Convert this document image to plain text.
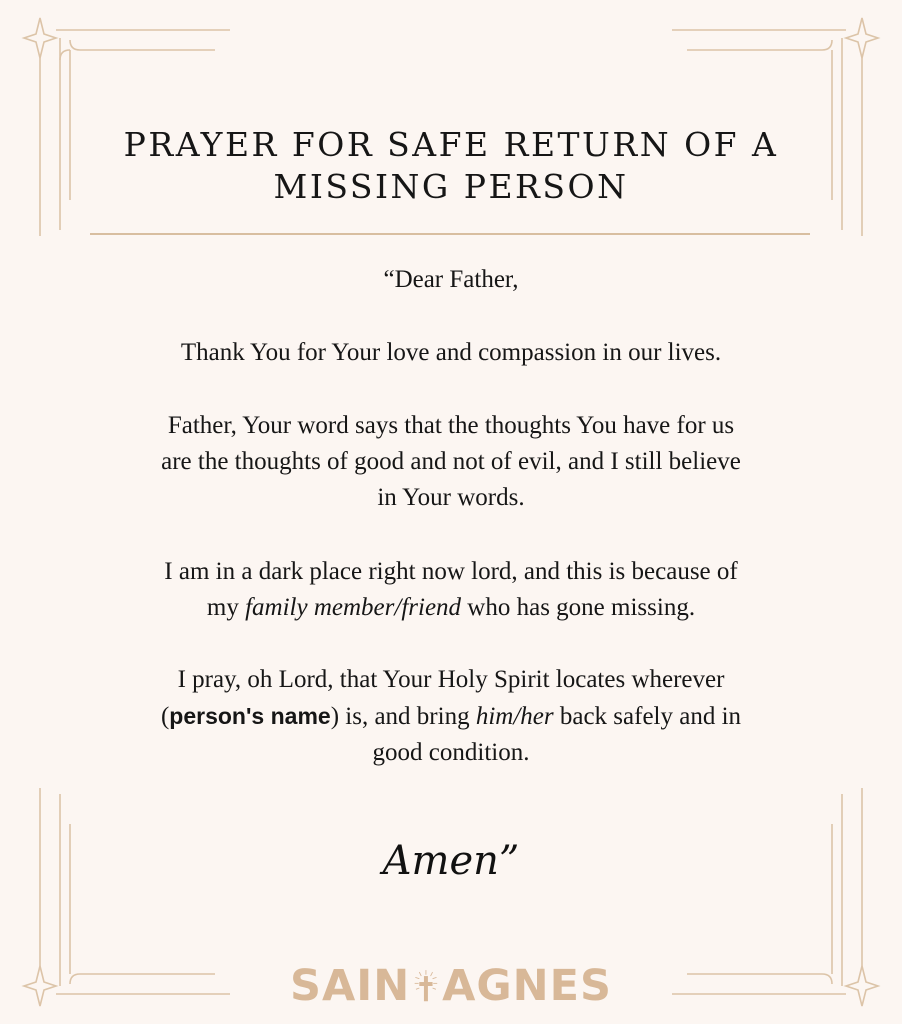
PRAYER FOR SAFE RETURN OF A
MISSING PERSON

“Dear Father,

Thank You for Your love and compassion in our lives.

Father, Your word says that the thoughts You have for us
are the thoughts of good and not of evil, and I still believe
in Your words.

I am in a dark place right now lord, and this is because of
my family member/friend who has gone missing.

I pray, oh Lord, that Your Holy Spirit locates wherever
(person's name) is, and bring him/her back safely and in
good condition.

Amen”

SAIN AGNES
